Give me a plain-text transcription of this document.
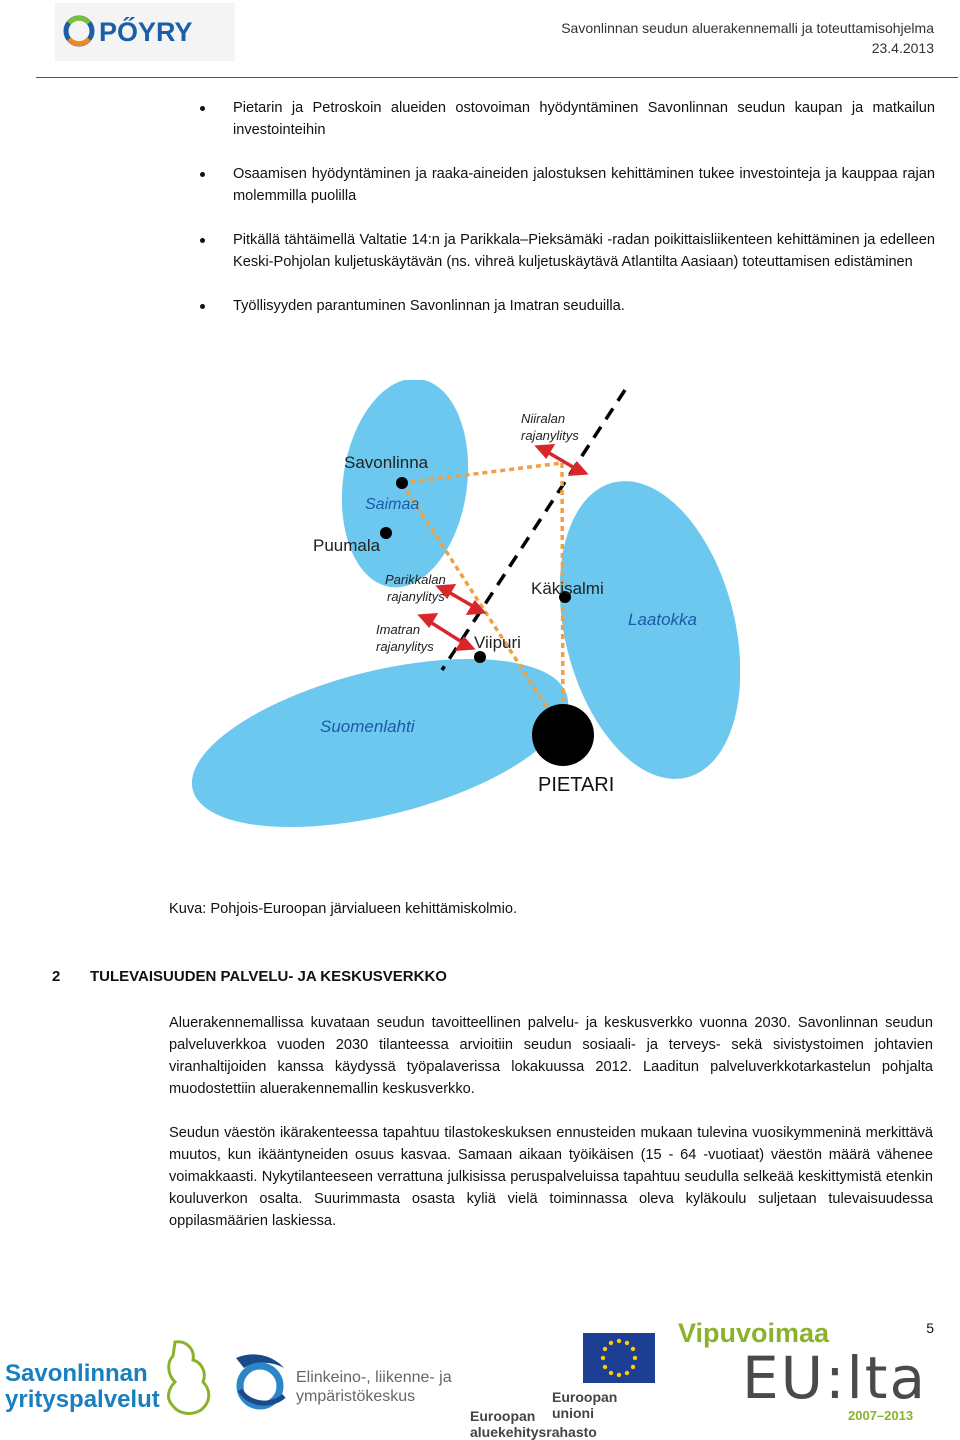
PŐYRY	Savonlinnan seudun aluerakennemalli ja toteuttamisohjelma
23.4.2013
Pietarin ja Petroskoin alueiden ostovoiman hyödyntäminen Savonlinnan seudun kaupan ja matkailun investointeihin
Osaamisen hyödyntäminen ja raaka-aineiden jalostuksen kehittäminen tukee investointeja ja kauppaa rajan molemmilla puolilla
Pitkällä tähtäimellä Valtatie 14:n ja Parikkala–Pieksämäki -radan poikittaisliikenteen kehittäminen ja edelleen Keski-Pohjolan kuljetuskäytävän (ns. vihreä kuljetuskäytävä Atlantilta Aasiaan) toteuttamisen edistäminen
Työllisyyden parantuminen Savonlinnan ja Imatran seuduilla.
Niiralan
rajanylitys
Savonlinna
Saimaa
Puumala
Parikkalan
rajanylitys	Käkisalmi
Laatokka
Imatran
rajanylitys Viipuri
Suomenlahti
PIETARI
Kuva: Pohjois-Euroopan järvialueen kehittämiskolmio.
2 TULEVAISUUDEN PALVELU- JA KESKUSVERKKO

Aluerakennemallissa kuvataan seudun tavoitteellinen palvelu- ja keskusverkko vuonna 2030. Savonlinnan seudun palveluverkkoa vuoden 2030 tilanteessa arvioitiin seudun sosiaali- ja terveys- sekä sivistystoimen johtavien viranhaltijoiden kanssa käydyssä työpalaverissa lokakuussa 2012. Laaditun palveluverkkotarkastelun pohjalta muodostettiin aluerakennemallin keskusverkko.

Seudun väestön ikärakenteessa tapahtuu tilastokeskuksen ennusteiden mukaan tulevina vuosikymmeninä merkittävä muutos, kun ikääntyneiden osuus kasvaa. Samaan aikaan työikäisen (15 - 64 -vuotiaat) väestön määrä vähenee voimakkaasti. Nykytilanteeseen verrattuna julkisissa peruspalveluissa tapahtuu seudulla selkeää keskittymistä etenkin kouluverkon osalta. Suurimmasta osasta kyliä vielä toiminnassa oleva kyläkoulu suljetaan tulevaisuudessa oppilasmäärien laskiessa.

5
Savonlinnan
yrityspalvelut
Elinkeino-, liikenne- ja
ympäristökeskus	Euroopan unioni
Euroopan aluekehitysrahasto
Vipuvoimaa
EU:lta
2007–2013
